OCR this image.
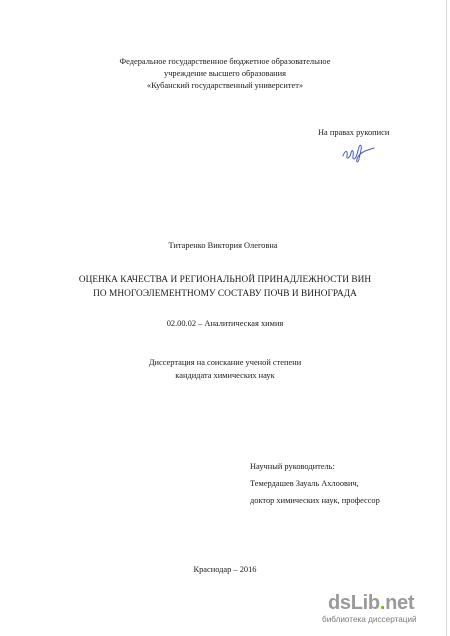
Федеральное государственное бюджетное образовательное
учреждение высшего образования
«Кубанский государственный университет»
На правах рукописи
Титаренко Виктория Олеговна
ОЦЕНКА КАЧЕСТВА И РЕГИОНАЛЬНОЙ ПРИНАДЛЕЖНОСТИ ВИН
ПО МНОГОЭЛЕМЕНТНОМУ СОСТАВУ ПОЧВ И ВИНОГРАДА
02.00.02 – Аналитическая химия
Диссертация на соискание ученой степени
кандидата химических наук
Научный руководитель:
Темердашев Зауаль Ахлоович,
доктор химических наук, профессор
Краснодар – 2016
dsLib.net
библиотека диссертаций
